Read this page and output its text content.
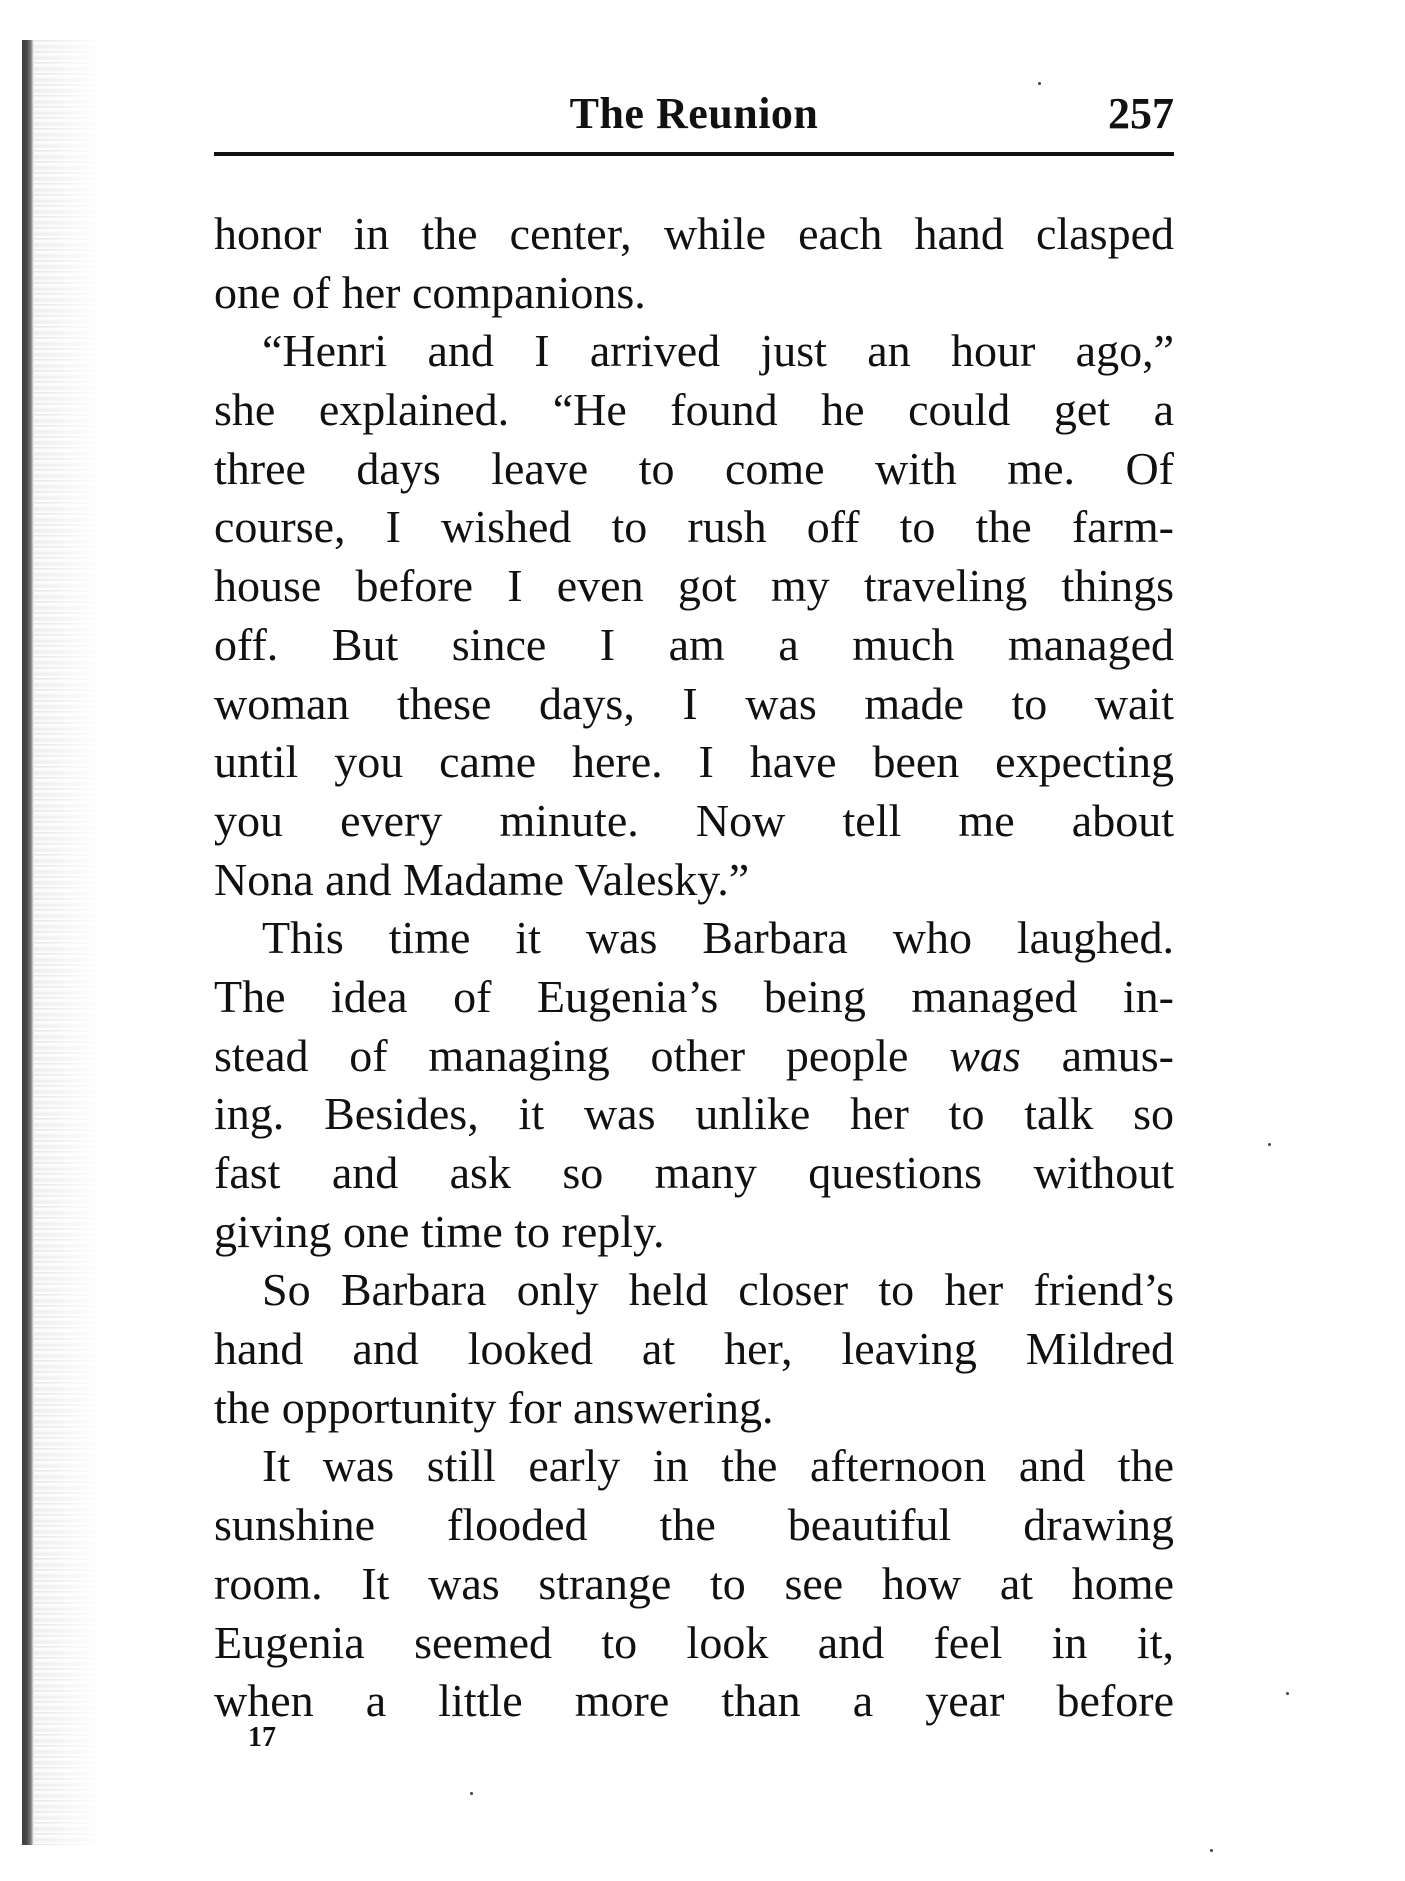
The Reunion	257
honor in the center, while each hand clasped
one of her companions.
“Henri and I arrived just an hour ago,”
she explained. “He found he could get a
three days leave to come with me. Of
course, I wished to rush off to the farm-
house before I even got my traveling things
off. But since I am a much managed
woman these days, I was made to wait
until you came here. I have been expecting
you every minute. Now tell me about
Nona and Madame Valesky.”
This time it was Barbara who laughed.
The idea of Eugenia’s being managed in-
stead of managing other people was amus-
ing. Besides, it was unlike her to talk so
fast and ask so many questions without
giving one time to reply.
So Barbara only held closer to her friend’s
hand and looked at her, leaving Mildred
the opportunity for answering.
It was still early in the afternoon and the
sunshine flooded the beautiful drawing
room. It was strange to see how at home
Eugenia seemed to look and feel in it,
when a little more than a year before
17
